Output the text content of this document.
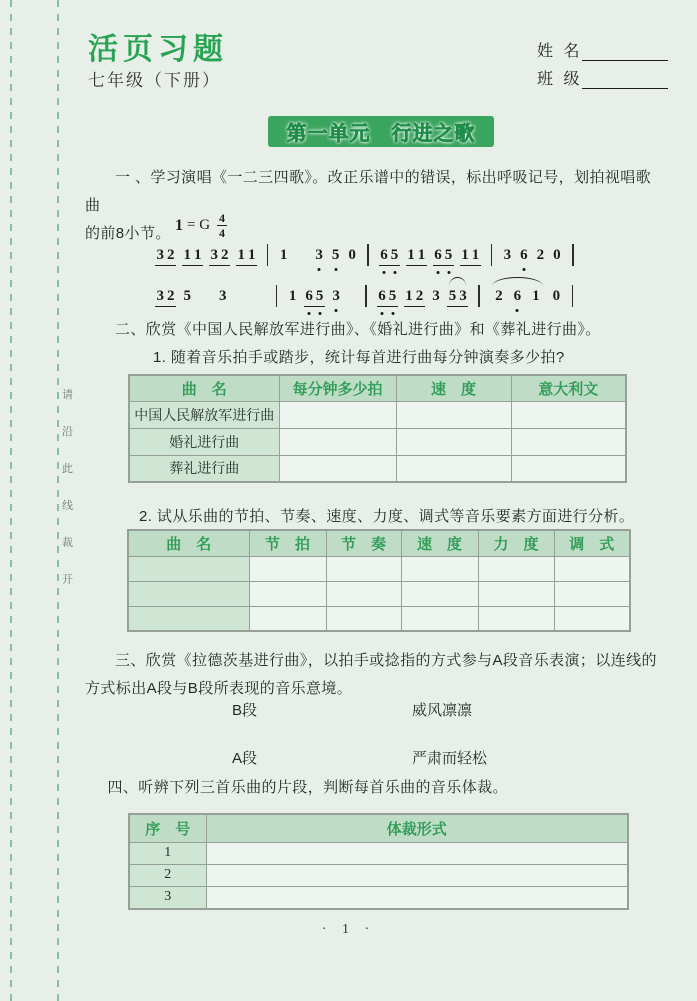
请
沿
此
线
裁
开
活页习题
七年级（下册）
姓 名
班 级
第一单元　行进之歌
一 、学习演唱《一二三四歌》。改正乐谱中的错误，标出呼吸记号，划拍视唱歌曲
的前8小节。 1 = G 4
4
3 2 1 1 3 2 1 1 1 3 5 0 6 5 1 1 6 5 1 1 3 6 2 0
3 2 5 3	1 6 5 3	6 5 1 2 3 5 3 2 6 1 0
二、欣赏《中国人民解放军进行曲》、《婚礼进行曲》和《葬礼进行曲》。
1. 随着音乐拍手或踏步，统计每首进行曲每分钟演奏多少拍?
曲　名	每分钟多少拍	速　度	意大利文
中国人民解放军进行曲			
婚礼进行曲			
葬礼进行曲			
2. 试从乐曲的节拍、节奏、速度、力度、调式等音乐要素方面进行分析。
曲　名	节　拍	节　奏	速　度	力　度	调　式

三、欣赏《拉德茨基进行曲》，以拍手或捻指的方式参与A段音乐表演；以连线的
方式标出A段与B段所表现的音乐意境。
B段	威风凛凛
A段	严肃而轻松
四、听辨下列三首乐曲的片段，判断每首乐曲的音乐体裁。
序　号	体裁形式
1	
2	
3	
· 1 ·
